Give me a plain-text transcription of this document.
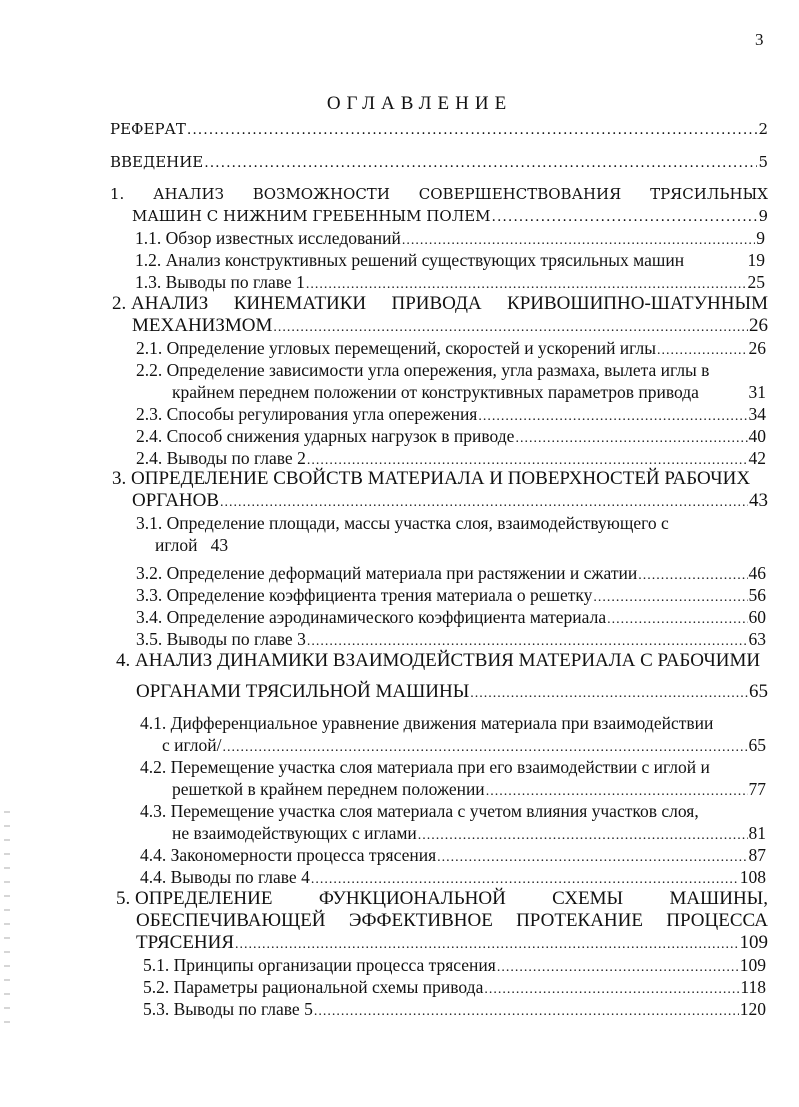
3
ОГЛАВЛЕНИЕ
РЕФЕРАТ .....	2
ВВЕДЕНИЕ .....	5
1. АНАЛИЗ ВОЗМОЖНОСТИ СОВЕРШЕНСТВОВАНИЯ ТРЯСИЛЬНЫХ
МАШИН С НИЖНИМ ГРЕБЕННЫМ ПОЛЕМ .....	9
1.1. Обзор известных исследований .....	9
1.2. Анализ конструктивных решений существующих трясильных машин	19
1.3. Выводы по главе 1 .....	25
2. АНАЛИЗ КИНЕМАТИКИ ПРИВОДА КРИВОШИПНО-ШАТУННЫМ
МЕХАНИЗМОМ .....	26
2.1. Определение угловых перемещений, скоростей и ускорений иглы .....	26
2.2. Определение зависимости угла опережения, угла размаха, вылета иглы в
крайнем переднем положении от конструктивных параметров привода	31
2.3. Способы регулирования угла опережения .....	34
2.4. Способ снижения ударных нагрузок в приводе .....	40
2.4. Выводы по главе 2 .....	42
3. ОПРЕДЕЛЕНИЕ СВОЙСТВ МАТЕРИАЛА И ПОВЕРХНОСТЕЙ РАБОЧИХ
ОРГАНОВ .....	43
3.1. Определение площади, массы участка слоя, взаимодействующего с
иглой   43
3.2. Определение деформаций материала при растяжении и сжатии .....	46
3.3. Определение коэффициента трения материала о решетку .....	56
3.4. Определение аэродинамического коэффициента материала .....	60
3.5. Выводы по главе 3 .....	63
4. АНАЛИЗ ДИНАМИКИ ВЗАИМОДЕЙСТВИЯ МАТЕРИАЛА С РАБОЧИМИ
ОРГАНАМИ ТРЯСИЛЬНОЙ МАШИНЫ .....	65
4.1. Дифференциальное уравнение движения материала при взаимодействии
с иглой/ .....	65
4.2. Перемещение участка слоя материала при его взаимодействии с иглой и
решеткой в крайнем переднем положении .....	77
4.3. Перемещение участка слоя материала с учетом влияния участков слоя,
не взаимодействующих с иглами .....	81
4.4. Закономерности процесса трясения .....	87
4.4. Выводы по главе 4 .....	108
5. ОПРЕДЕЛЕНИЕ ФУНКЦИОНАЛЬНОЙ СХЕМЫ МАШИНЫ,
ОБЕСПЕЧИВАЮЩЕЙ ЭФФЕКТИВНОЕ ПРОТЕКАНИЕ ПРОЦЕССА
ТРЯСЕНИЯ .....	109
5.1. Принципы организации процесса трясения .....	109
5.2. Параметры рациональной схемы привода .....	118
5.3. Выводы по главе 5 .....	120
